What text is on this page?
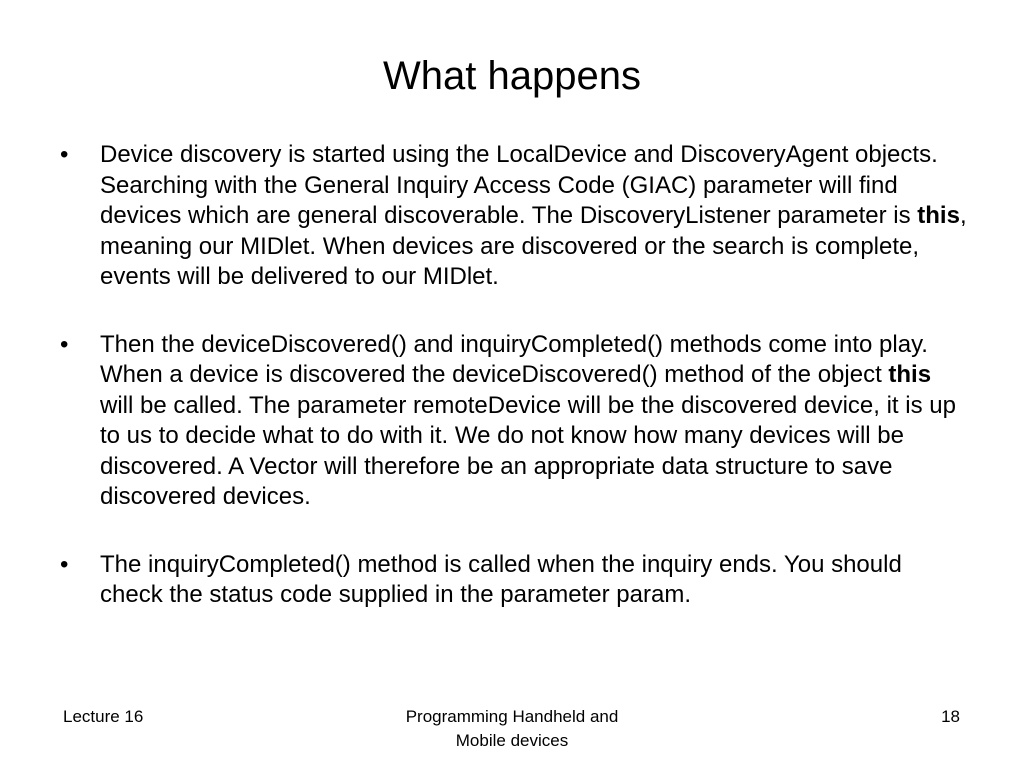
What happens
• Device discovery is started using the LocalDevice and DiscoveryAgent objects. Searching with the General Inquiry Access Code (GIAC) parameter will find devices which are general discoverable. The DiscoveryListener parameter is this, meaning our MIDlet. When devices are discovered or the search is complete, events will be delivered to our MIDlet.
• Then the deviceDiscovered() and inquiryCompleted() methods come into play. When a device is discovered the deviceDiscovered() method of the object this will be called. The parameter remoteDevice will be the discovered device, it is up to us to decide what to do with it. We do not know how many devices will be discovered. A Vector will therefore be an appropriate data structure to save discovered devices.
• The inquiryCompleted() method is called when the inquiry ends. You should check the status code supplied in the parameter param.
Lecture 16	Programming Handheld and
Mobile devices
18
